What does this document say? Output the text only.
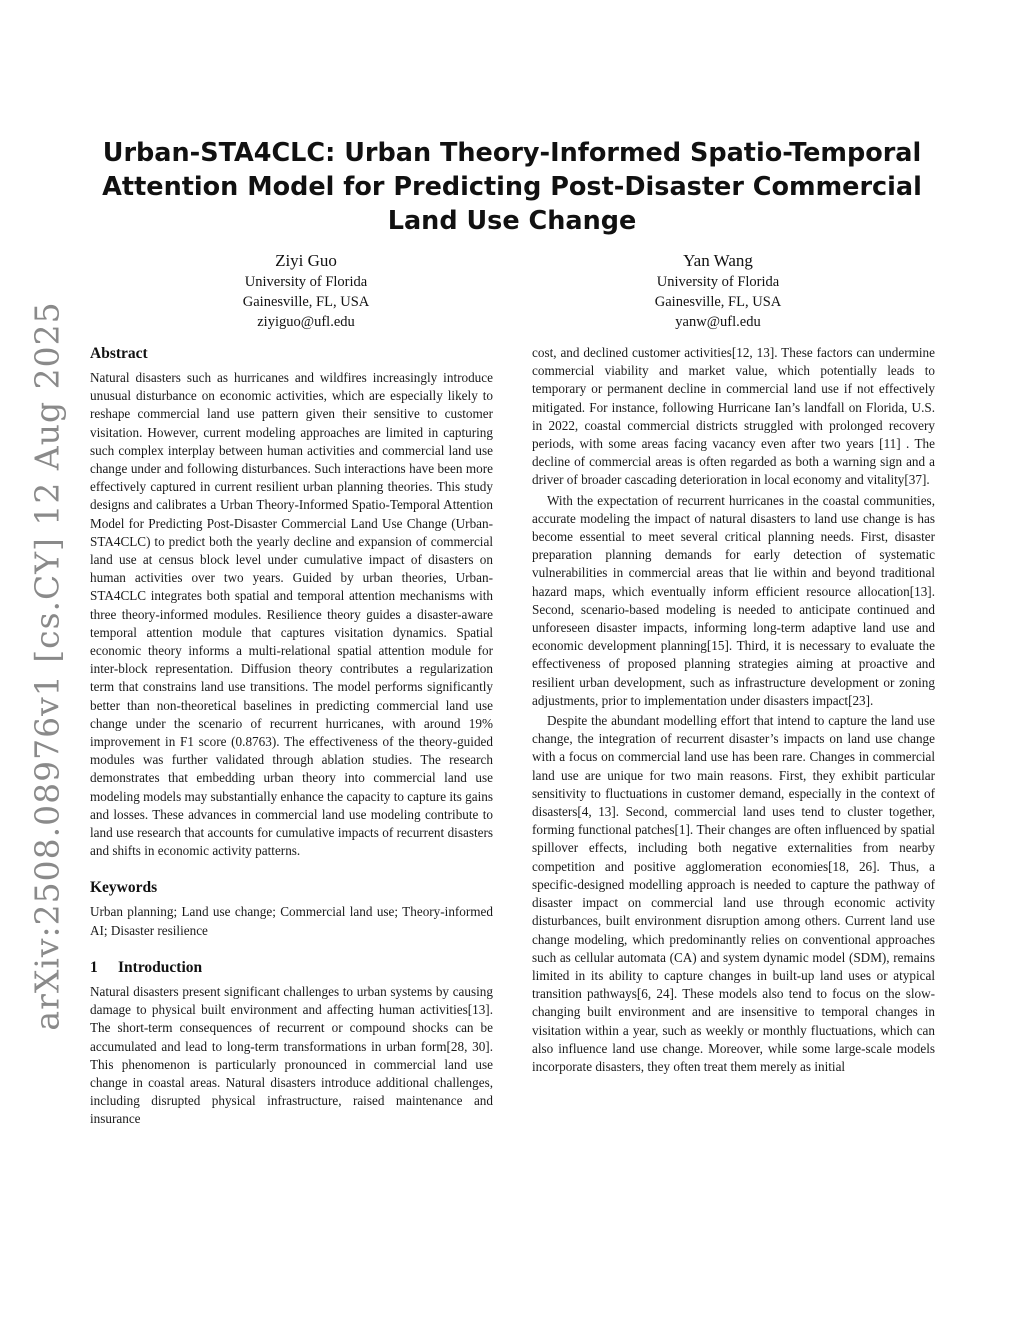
arXiv:2508.08976v1 [cs.CY] 12 Aug 2025
Urban-STA4CLC: Urban Theory-Informed Spatio-Temporal Attention Model for Predicting Post-Disaster Commercial Land Use Change
Ziyi Guo
University of Florida
Gainesville, FL, USA
ziyiguo@ufl.edu
Yan Wang
University of Florida
Gainesville, FL, USA
yanw@ufl.edu
Abstract

Natural disasters such as hurricanes and wildfires increasingly introduce unusual disturbance on economic activities, which are especially likely to reshape commercial land use pattern given their sensitive to customer visitation. However, current modeling approaches are limited in capturing such complex interplay between human activities and commercial land use change under and following disturbances. Such interactions have been more effectively captured in current resilient urban planning theories. This study designs and calibrates a Urban Theory-Informed Spatio-Temporal Attention Model for Predicting Post-Disaster Commercial Land Use Change (Urban-STA4CLC) to predict both the yearly decline and expansion of commercial land use at census block level under cumulative impact of disasters on human activities over two years. Guided by urban theories, Urban-STA4CLC integrates both spatial and temporal attention mechanisms with three theory-informed modules. Resilience theory guides a disaster-aware temporal attention module that captures visitation dynamics. Spatial economic theory informs a multi-relational spatial attention module for inter-block representation. Diffusion theory contributes a regularization term that constrains land use transitions. The model performs significantly better than non-theoretical baselines in predicting commercial land use change under the scenario of recurrent hurricanes, with around 19% improvement in F1 score (0.8763). The effectiveness of the theory-guided modules was further validated through ablation studies. The research demonstrates that embedding urban theory into commercial land use modeling models may substantially enhance the capacity to capture its gains and losses. These advances in commercial land use modeling contribute to land use research that accounts for cumulative impacts of recurrent disasters and shifts in economic activity patterns.

Keywords

Urban planning; Land use change; Commercial land use; Theory-informed AI; Disaster resilience

1 Introduction

Natural disasters present significant challenges to urban systems by causing damage to physical built environment and affecting human activities[13]. The short-term consequences of recurrent or compound shocks can be accumulated and lead to long-term transformations in urban form[28, 30]. This phenomenon is particularly pronounced in commercial land use change in coastal areas. Natural disasters introduce additional challenges, including disrupted physical infrastructure, raised maintenance and insurance

cost, and declined customer activities[12, 13]. These factors can undermine commercial viability and market value, which potentially leads to temporary or permanent decline in commercial land use if not effectively mitigated. For instance, following Hurricane Ian’s landfall on Florida, U.S. in 2022, coastal commercial districts struggled with prolonged recovery periods, with some areas facing vacancy even after two years [11] . The decline of commercial areas is often regarded as both a warning sign and a driver of broader cascading deterioration in local economy and vitality[37].

With the expectation of recurrent hurricanes in the coastal communities, accurate modeling the impact of natural disasters to land use change is has become essential to meet several critical planning needs. First, disaster preparation planning demands for early detection of systematic vulnerabilities in commercial areas that lie within and beyond traditional hazard maps, which eventually inform efficient resource allocation[13]. Second, scenario-based modeling is needed to anticipate continued and unforeseen disaster impacts, informing long-term adaptive land use and economic development planning[15]. Third, it is necessary to evaluate the effectiveness of proposed planning strategies aiming at proactive and resilient urban development, such as infrastructure development or zoning adjustments, prior to implementation under disasters impact[23].

Despite the abundant modelling effort that intend to capture the land use change, the integration of recurrent disaster’s impacts on land use change with a focus on commercial land use has been rare. Changes in commercial land use are unique for two main reasons. First, they exhibit particular sensitivity to fluctuations in customer demand, especially in the context of disasters[4, 13]. Second, commercial land uses tend to cluster together, forming functional patches[1]. Their changes are often influenced by spatial spillover effects, including both negative externalities from nearby competition and positive agglomeration economies[18, 26]. Thus, a specific-designed modelling approach is needed to capture the pathway of disaster impact on commercial land use through economic activity disturbances, built environment disruption among others. Current land use change modeling, which predominantly relies on conventional approaches such as cellular automata (CA) and system dynamic model (SDM), remains limited in its ability to capture changes in built-up land uses or atypical transition pathways[6, 24]. These models also tend to focus on the slow-changing built environment and are insensitive to temporal changes in visitation within a year, such as weekly or monthly fluctuations, which can also influence land use change. Moreover, while some large-scale models incorporate disasters, they often treat them merely as initial
